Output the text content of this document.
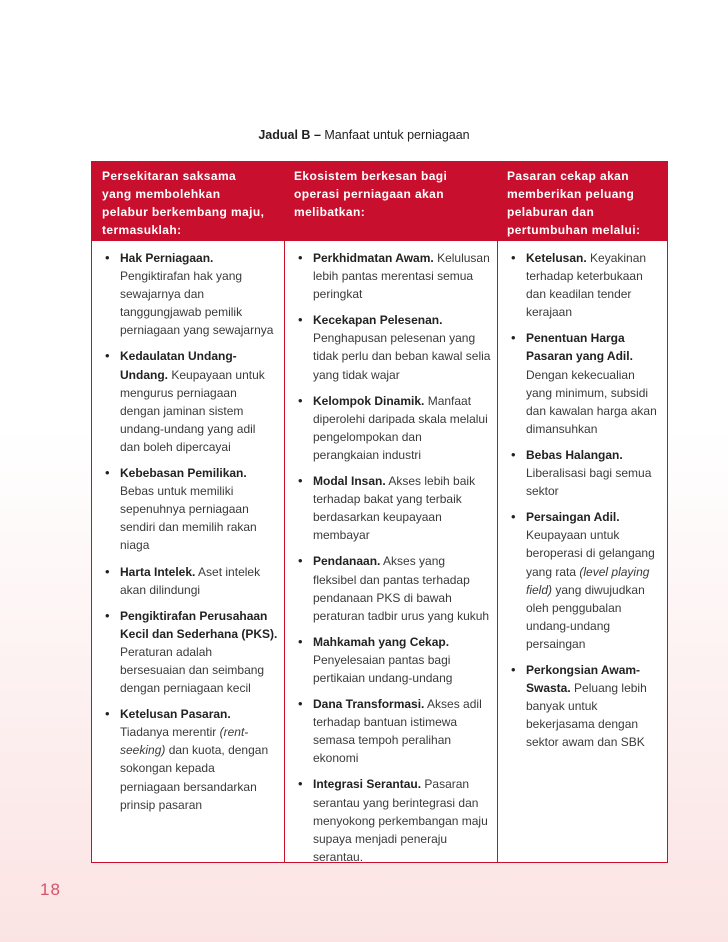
Jadual B – Manfaat untuk perniagaan
Persekitaran saksama
yang membolehkan
pelabur berkembang maju,
termasuklah:
Ekosistem berkesan bagi
operasi perniagaan akan
melibatkan:
Pasaran cekap akan
memberikan peluang
pelaburan dan
pertumbuhan melalui:
• Hak Perniagaan. Pengiktirafan hak yang sewajarnya dan tanggungjawab pemilik perniagaan yang sewajarnya
• Kedaulatan Undang-Undang. Keupayaan untuk mengurus perniagaan dengan jaminan sistem undang-undang yang adil dan boleh dipercayai
• Kebebasan Pemilikan. Bebas untuk memiliki sepenuhnya perniagaan sendiri dan memilih rakan niaga
• Harta Intelek. Aset intelek akan dilindungi
• Pengiktirafan Perusahaan Kecil dan Sederhana (PKS). Peraturan adalah bersesuaian dan seimbang dengan perniagaan kecil
• Ketelusan Pasaran. Tiadanya merentir (rent-seeking) dan kuota, dengan sokongan kepada perniagaan bersandarkan prinsip pasaran
• Perkhidmatan Awam. Kelulusan lebih pantas merentasi semua peringkat
• Kecekapan Pelesenan. Penghapusan pelesenan yang tidak perlu dan beban kawal selia yang tidak wajar
• Kelompok Dinamik. Manfaat diperolehi daripada skala melalui pengelompokan dan perangkaian industri
• Modal Insan. Akses lebih baik terhadap bakat yang terbaik berdasarkan keupayaan membayar
• Pendanaan. Akses yang fleksibel dan pantas terhadap pendanaan PKS di bawah peraturan tadbir urus yang kukuh
• Mahkamah yang Cekap. Penyelesaian pantas bagi pertikaian undang-undang
• Dana Transformasi. Akses adil terhadap bantuan istimewa semasa tempoh peralihan ekonomi
• Integrasi Serantau. Pasaran serantau yang berintegrasi dan menyokong perkembangan maju supaya menjadi peneraju serantau.
• Ketelusan. Keyakinan terhadap keterbukaan dan keadilan tender kerajaan
• Penentuan Harga Pasaran yang Adil. Dengan kekecualian yang minimum, subsidi dan kawalan harga akan dimansuhkan
• Bebas Halangan. Liberalisasi bagi semua sektor
• Persaingan Adil. Keupayaan untuk beroperasi di gelangang yang rata (level playing field) yang diwujudkan oleh penggubalan undang-undang persaingan
• Perkongsian Awam-Swasta. Peluang lebih banyak untuk bekerjasama dengan sektor awam dan SBK
18
